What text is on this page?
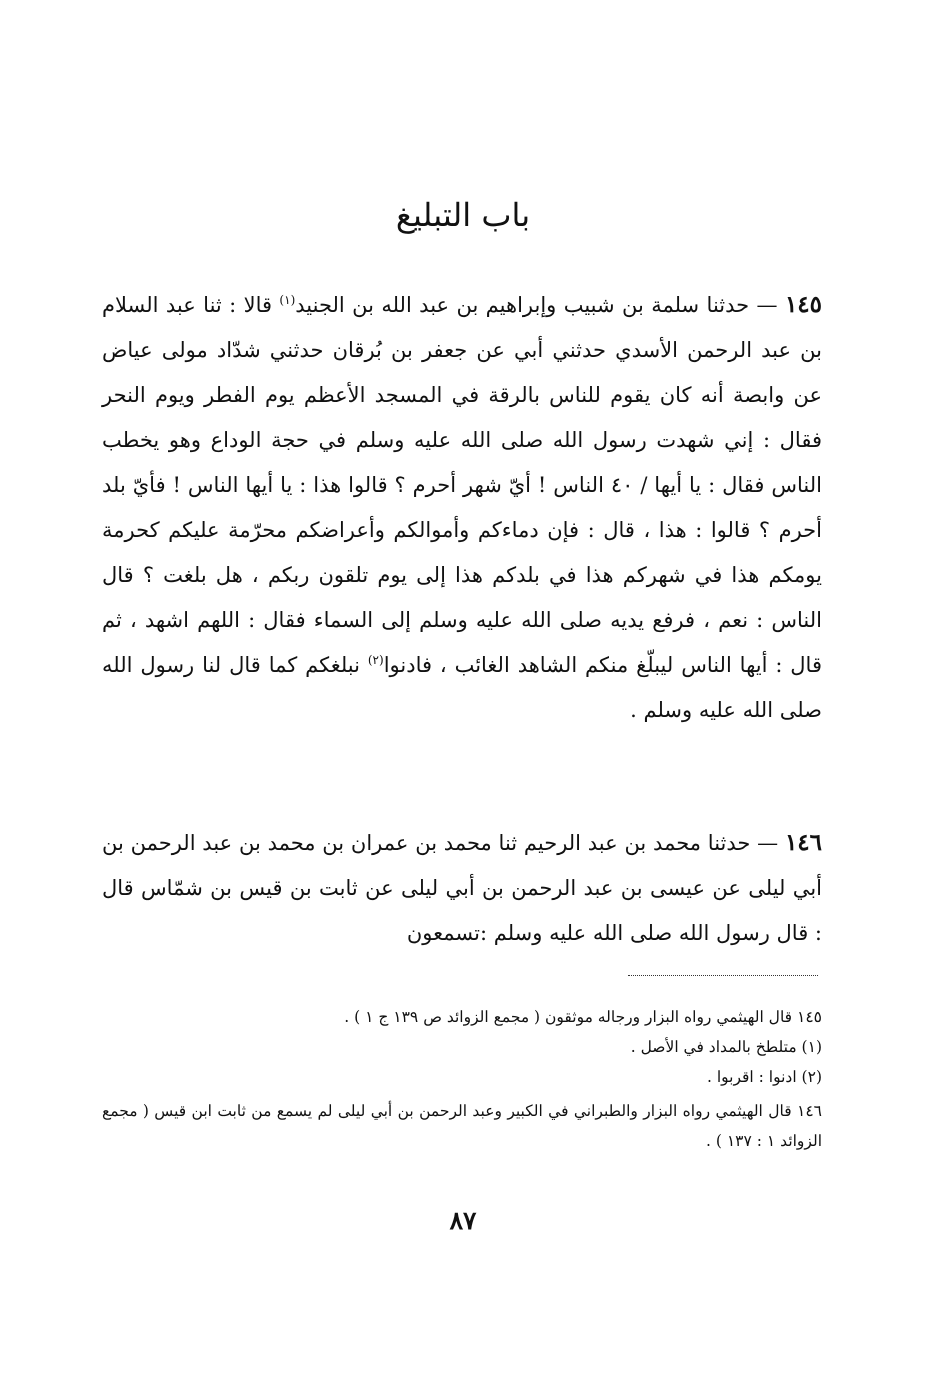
باب التبليغ

١٤٥ — حدثنا سلمة بن شبيب وإبراهيم بن عبد الله بن الجنيد$^{(١)}$ قالا : ثنا عبد السلام بن عبد الرحمن الأسدي حدثني أبي عن جعفر بن بُرقان حدثني شدّاد مولى عياض عن وابصة أنه كان يقوم للناس بالرقة في المسجد الأعظم يوم الفطر ويوم النحر فقال : إني شهدت رسول الله صلى الله عليه وسلم في حجة الوداع وهو يخطب الناس فقال : يا أيها / ٤٠ الناس ! أيّ شهر أحرم ؟ قالوا هذا : يا أيها الناس ! فأيّ بلد أحرم ؟ قالوا : هذا ، قال : فإن دماءكم وأموالكم وأعراضكم محرّمة عليكم كحرمة يومكم هذا في شهركم هذا في بلدكم هذا إلى يوم تلقون ربكم ، هل بلغت ؟ قال الناس : نعم ، فرفع يديه صلى الله عليه وسلم إلى السماء فقال : اللهم اشهد ، ثم قال : أيها الناس ليبلّغ منكم الشاهد الغائب ، فادنوا$^{(٢)}$ نبلغكم كما قال لنا رسول الله صلى الله عليه وسلم .

١٤٦ — حدثنا محمد بن عبد الرحيم ثنا محمد بن عمران بن محمد بن عبد الرحمن بن أبي ليلى عن عيسى بن عبد الرحمن بن أبي ليلى عن ثابت بن قيس بن شمّاس قال : قال رسول الله صلى الله عليه وسلم :تسمعون

١٤٥ قال الهيثمي رواه البزار ورجاله موثقون ( مجمع الزوائد ص ١٣٩ ج ١ ) .

(١) متلطخ بالمداد في الأصل .

(٢) ادنوا : اقربوا .

١٤٦ قال الهيثمي رواه البزار والطبراني في الكبير وعبد الرحمن بن أبي ليلى لم يسمع من ثابت ابن قيس ( مجمع الزوائد ١ : ١٣٧ ) .

٨٧
